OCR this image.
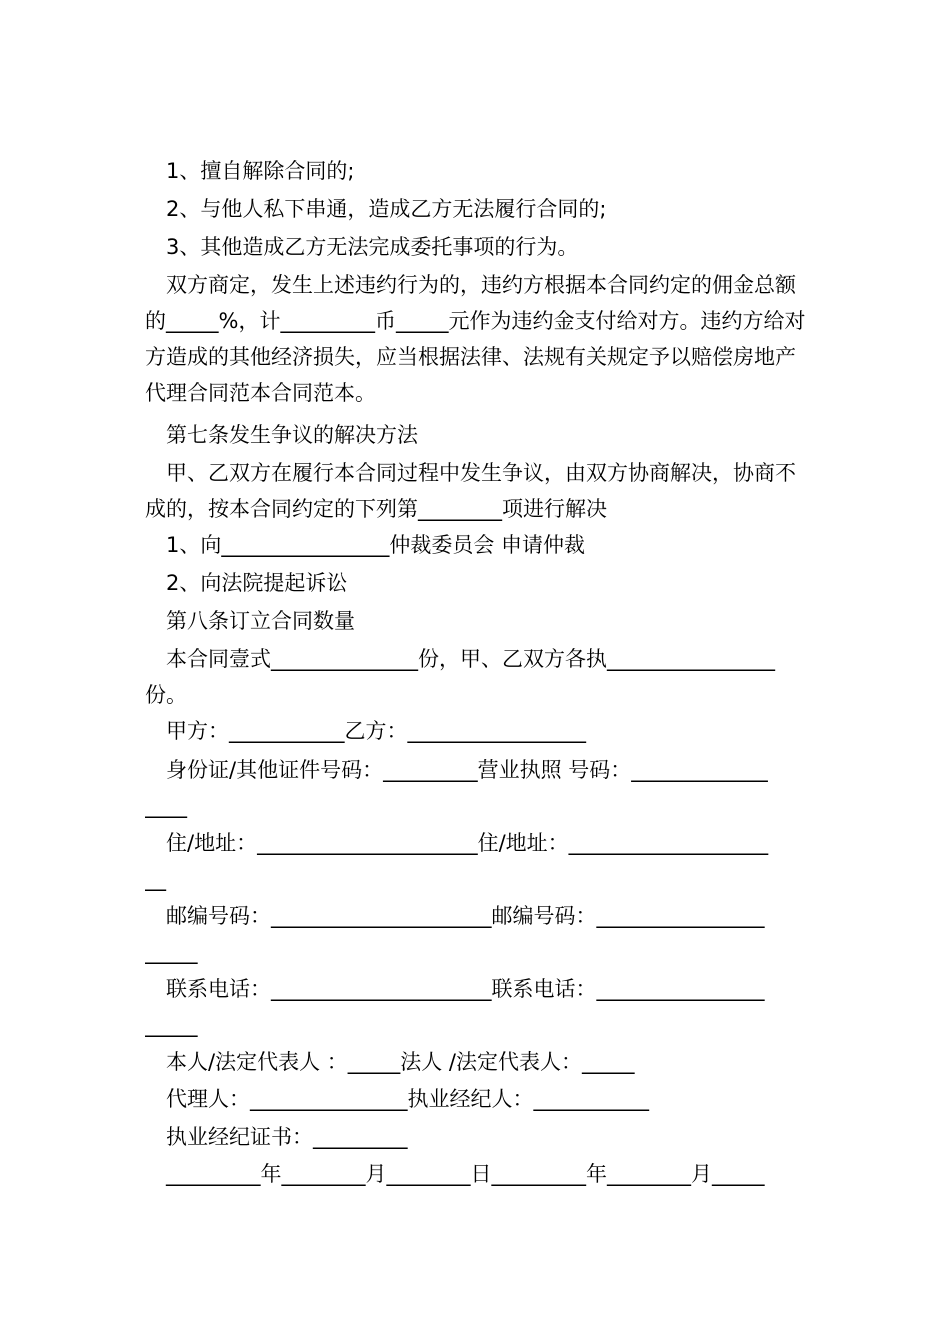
1、擅自解除合同的;
2、与他人私下串通，造成乙方无法履行合同的;
3、其他造成乙方无法完成委托事项的行为。
双方商定，发生上述违约行为的，违约方根据本合同约定的佣金总额的_____%，计_________币_____元作为违约金支付给对方。违约方给对方造成的其他经济损失，应当根据法律、法规有关规定予以赔偿房地产代理合同范本合同范本。
第七条发生争议的解决方法
甲、乙双方在履行本合同过程中发生争议，由双方协商解决，协商不成的，按本合同约定的下列第________项进行解决
1、向________________仲裁委员会 申请仲裁
2、向法院提起诉讼
第八条订立合同数量
本合同壹式______________份，甲、乙双方各执________________
份。
甲方：___________乙方：_________________
身份证/其他证件号码：_________营业执照 号码：_____________
____
住/地址：_____________________住/地址：___________________
__
邮编号码：_____________________邮编号码：________________
_____
联系电话：_____________________联系电话：________________
_____
本人/法定代表人 ：_____法人 /法定代表人：_____
代理人：_______________执业经纪人：___________
执业经纪证书：_________
_________年________月________日_________年________月_____
